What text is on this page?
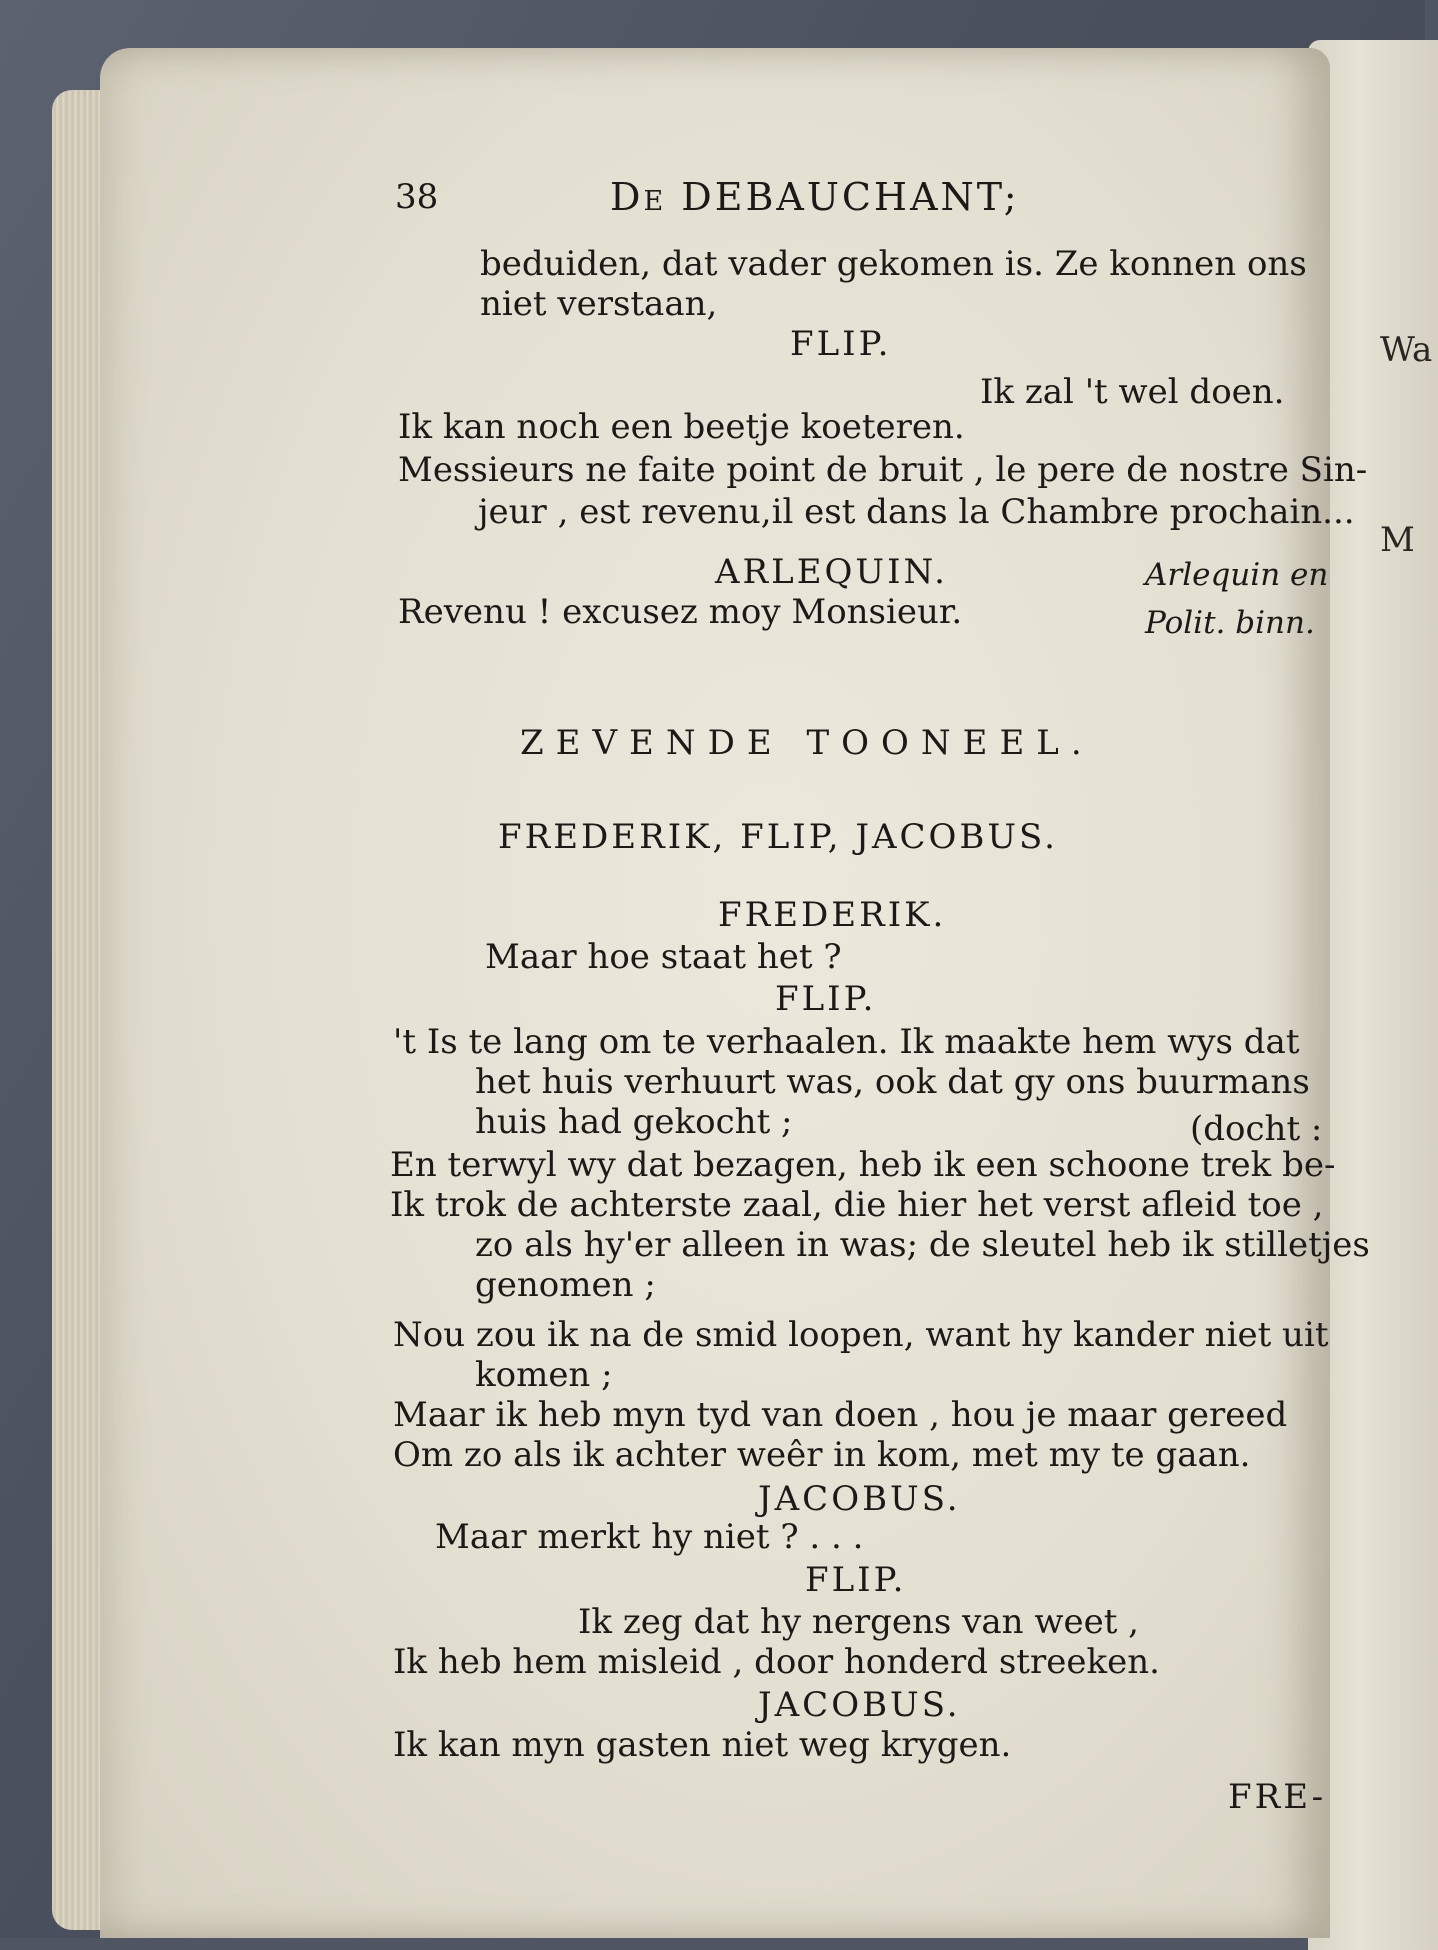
Wa
M
38	De DEBAUCHANT;
beduiden, dat vader gekomen is. Ze konnen ons
niet verstaan,
FLIP.
Ik zal 't wel doen.
Ik kan noch een beetje koeteren.
Messieurs ne faite point de bruit , le pere de nostre Sin-
jeur , est revenu,il est dans la Chambre prochain...
ARLEQUIN.
Revenu ! excusez moy Monsieur.
Arlequin en
Polit. binn.
ZEVENDE TOONEEL.
FREDERIK, FLIP, JACOBUS.
FREDERIK.
Maar hoe staat het ?
FLIP.
't Is te lang om te verhaalen. Ik maakte hem wys dat
het huis verhuurt was, ook dat gy ons buurmans
huis had gekocht ;	(docht :
En terwyl wy dat bezagen, heb ik een schoone trek be-
Ik trok de achterste zaal, die hier het verst afleid toe ,
zo als hy'er alleen in was; de sleutel heb ik stilletjes
genomen ;
Nou zou ik na de smid loopen, want hy kander niet uit
komen ;
Maar ik heb myn tyd van doen , hou je maar gereed
Om zo als ik achter weêr in kom, met my te gaan.
JACOBUS.
Maar merkt hy niet ? . . .
FLIP.
Ik zeg dat hy nergens van weet ,
Ik heb hem misleid , door honderd streeken.
JACOBUS.
Ik kan myn gasten niet weg krygen.
FRE-
